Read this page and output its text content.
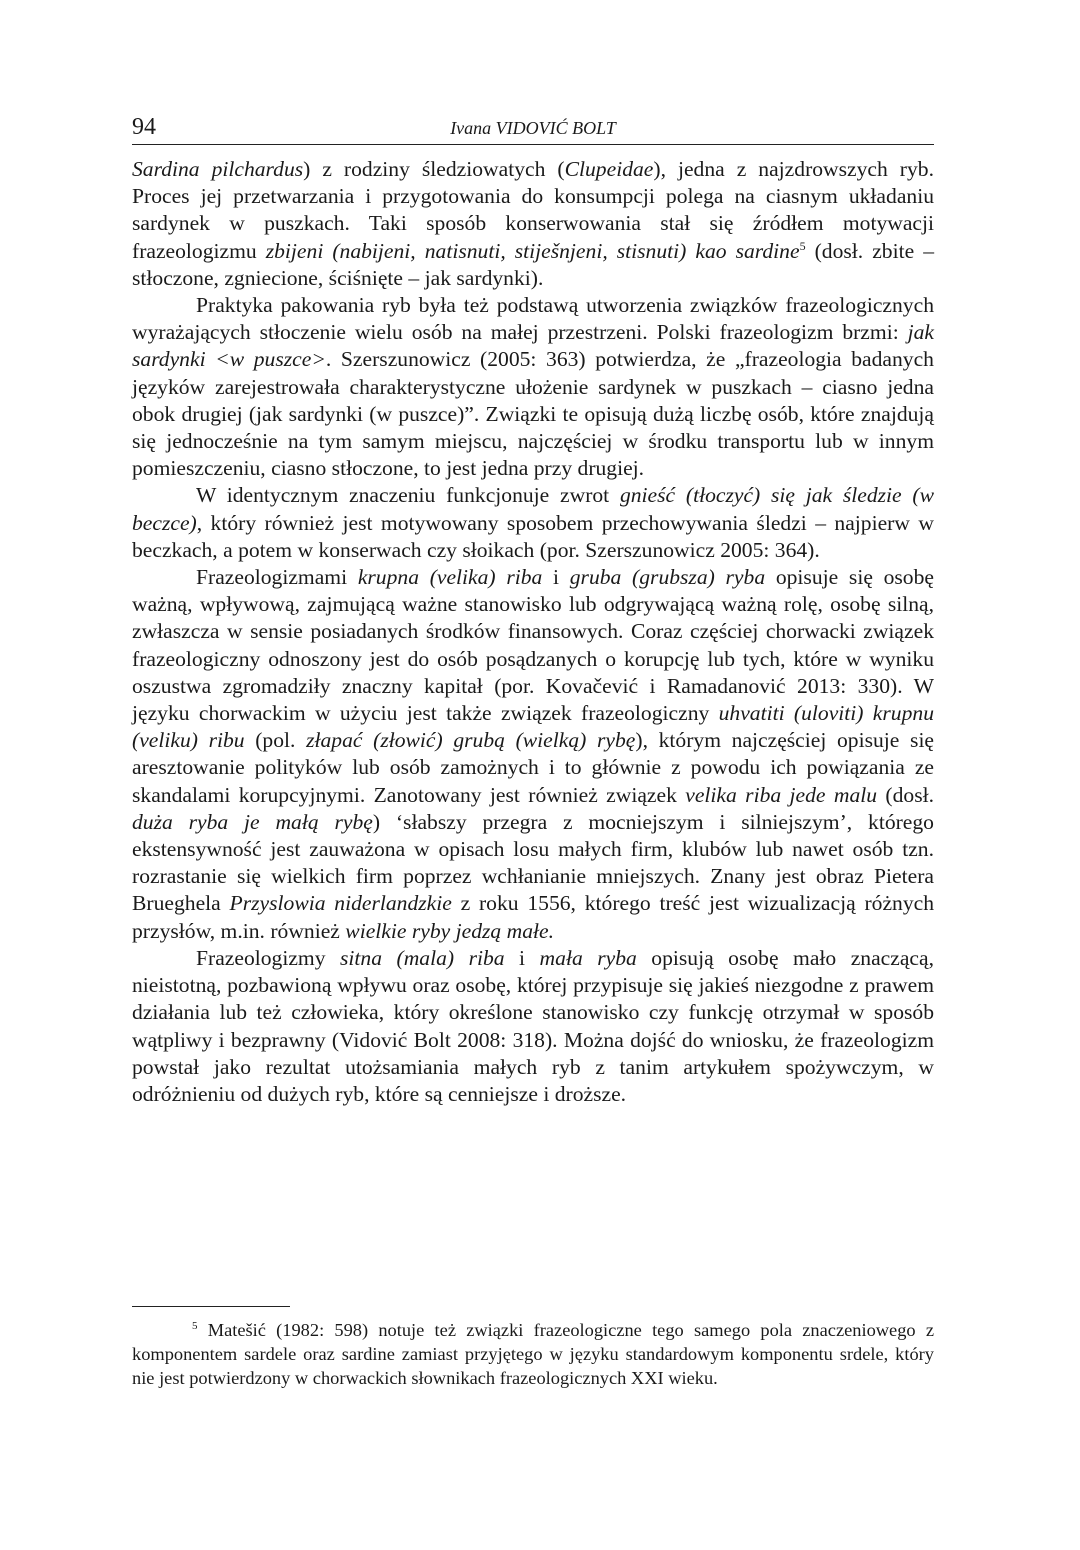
94	Ivana VIDOVIĆ BOLT

Sardina pilchardus) z rodziny śledziowatych (Clupeidae), jedna z najzdrowszych ryb. Proces jej przetwarzania i przygotowania do konsumpcji polega na ciasnym układaniu sardynek w puszkach. Taki sposób konserwowania stał się źródłem motywacji frazeologizmu zbijeni (nabijeni, natisnuti, stiješnjeni, stisnuti) kao sardine$^5$ (dosł. zbite – stłoczone, zgniecione, ściśnięte – jak sardynki).

Praktyka pakowania ryb była też podstawą utworzenia związków frazeologicznych wyrażających stłoczenie wielu osób na małej przestrzeni. Polski frazeologizm brzmi: jak sardynki <w puszce>. Szerszunowicz (2005: 363) potwierdza, że „frazeologia badanych języków zarejestrowała charakterystyczne ułożenie sardynek w puszkach – ciasno jedna obok drugiej (jak sardynki (w puszce)”. Związki te opisują dużą liczbę osób, które znajdują się jednocześnie na tym samym miejscu, najczęściej w środku transportu lub w innym pomieszczeniu, ciasno stłoczone, to jest jedna przy drugiej.

W identycznym znaczeniu funkcjonuje zwrot gnieść (tłoczyć) się jak śledzie (w beczce), który również jest motywowany sposobem przechowywania śledzi – najpierw w beczkach, a potem w konserwach czy słoikach (por. Szerszunowicz 2005: 364).

Frazeologizmami krupna (velika) riba i gruba (grubsza) ryba opisuje się osobę ważną, wpływową, zajmującą ważne stanowisko lub odgrywającą ważną rolę, osobę silną, zwłaszcza w sensie posiadanych środków finansowych. Coraz częściej chorwacki związek frazeologiczny odnoszony jest do osób posądzanych o korupcję lub tych, które w wyniku oszustwa zgromadziły znaczny kapitał (por. Kovačević i Ramadanović 2013: 330). W języku chorwackim w użyciu jest także związek frazeologiczny uhvatiti (uloviti) krupnu (veliku) ribu (pol. złapać (złowić) grubą (wielką) rybę), którym najczęściej opisuje się aresztowanie polityków lub osób zamożnych i to głównie z powodu ich powiązania ze skandalami korupcyjnymi. Zanotowany jest również związek velika riba jede malu (dosł. duża ryba je małą rybę) ‘słabszy przegra z mocniejszym i silniejszym’, którego ekstensywność jest zauważona w opisach losu małych firm, klubów lub nawet osób tzn. rozrastanie się wielkich firm poprzez wchłanianie mniejszych. Znany jest obraz Pietera Brueghela Przyslowia niderlandzkie z roku 1556, którego treść jest wizualizacją różnych przysłów, m.in. również wielkie ryby jedzą małe.

Frazeologizmy sitna (mala) riba i mała ryba opisują osobę mało znaczącą, nieistotną, pozbawioną wpływu oraz osobę, której przypisuje się jakieś niezgodne z prawem działania lub też człowieka, który określone stanowisko czy funkcję otrzymał w sposób wątpliwy i bezprawny (Vidović Bolt 2008: 318). Można dojść do wniosku, że frazeologizm powstał jako rezultat utożsamiania małych ryb z tanim artykułem spożywczym, w odróżnieniu od dużych ryb, które są cenniejsze i droższe.

$^5$ Matešić (1982: 598) notuje też związki frazeologiczne tego samego pola znaczeniowego z komponentem sardele oraz sardine zamiast przyjętego w języku standardowym komponentu srdele, który nie jest potwierdzony w chorwackich słownikach frazeologicznych XXI wieku.
